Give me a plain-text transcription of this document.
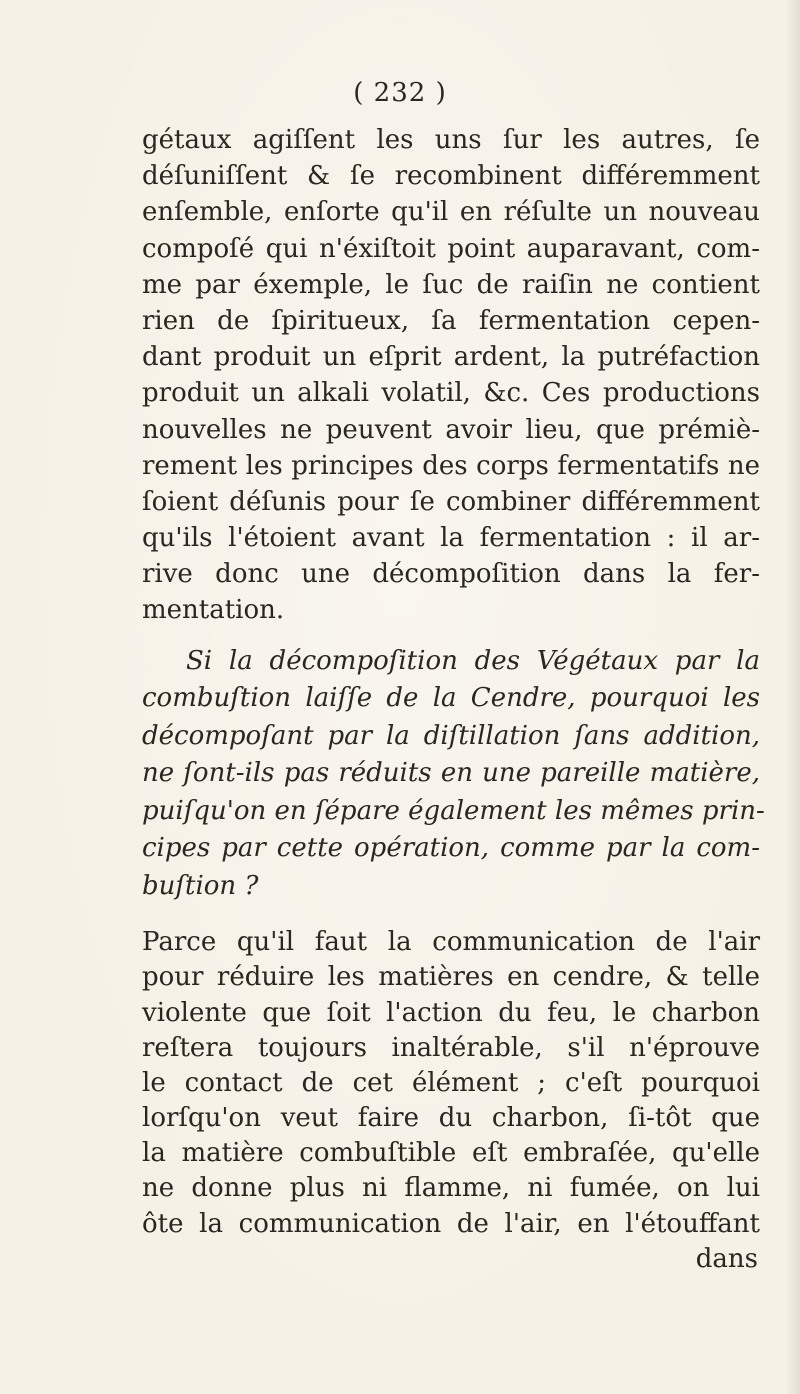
( 232 )
gétaux agiſſent les uns ſur les autres, ſe
déſuniſſent & ſe recombinent différemment
enſemble, enſorte qu'il en réſulte un nouveau
compoſé qui n'éxiſtoit point auparavant, com-
me par éxemple, le ſuc de raiſin ne contient
rien de ſpiritueux, ſa fermentation cepen-
dant produit un eſprit ardent, la putréfaction
produit un alkali volatil, &c. Ces productions
nouvelles ne peuvent avoir lieu, que prémiè-
rement les principes des corps fermentatifs ne
ſoient déſunis pour ſe combiner différemment
qu'ils l'étoient avant la fermentation : il ar-
rive donc une décompoſition dans la fer-
mentation.
Si la décompoſition des Végétaux par la
combuſtion laiſſe de la Cendre, pourquoi les
décompoſant par la diſtillation ſans addition,
ne ſont-ils pas réduits en une pareille matière,
puiſqu'on en ſépare également les mêmes prin-
cipes par cette opération, comme par la com-
buſtion ?
Parce qu'il faut la communication de l'air
pour réduire les matières en cendre, & telle
violente que ſoit l'action du feu, le charbon
reſtera toujours inaltérable, s'il n'éprouve
le contact de cet élément ; c'eſt pourquoi
lorſqu'on veut faire du charbon, ſi-tôt que
la matière combuſtible eſt embraſée, qu'elle
ne donne plus ni flamme, ni fumée, on lui
ôte la communication de l'air, en l'étouffant
dans
